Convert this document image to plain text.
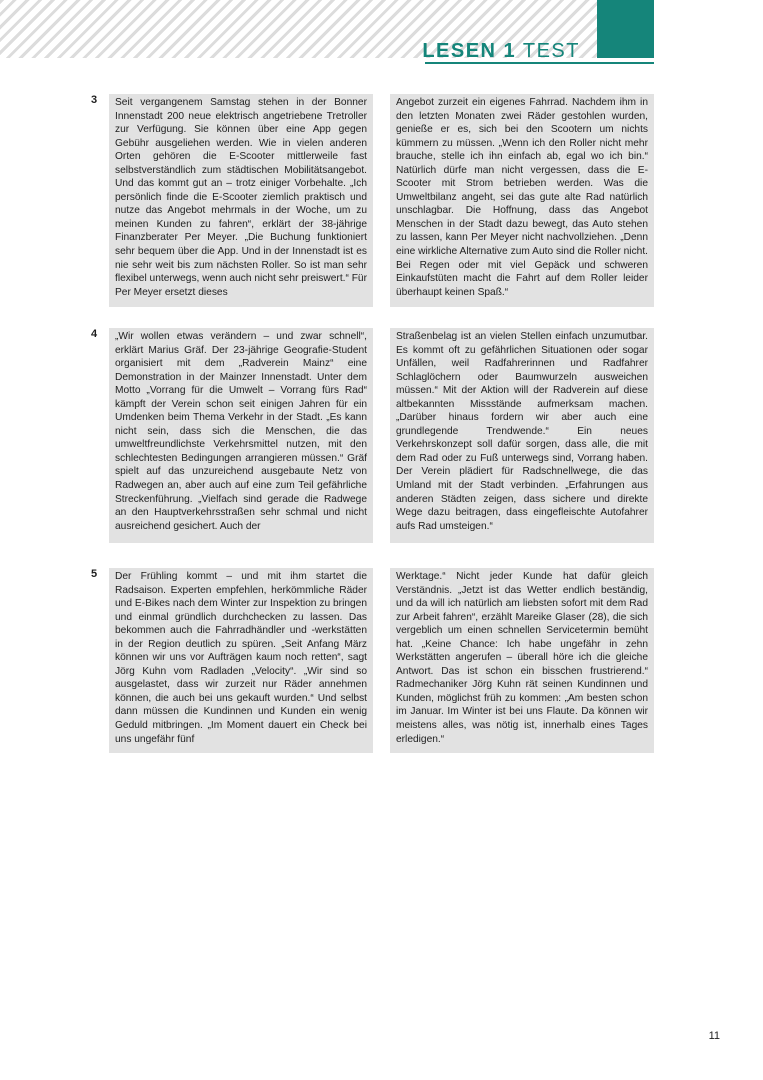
LESEN 1 TEST
3	Seit vergangenem Samstag stehen in der Bonner Innenstadt 200 neue elektrisch angetriebene Tretroller zur Verfügung. Sie können über eine App gegen Gebühr ausgeliehen werden. Wie in vielen anderen Orten gehören die E-Scooter mittlerweile fast selbstverständlich zum städtischen Mobilitätsangebot. Und das kommt gut an – trotz einiger Vorbehalte. „Ich persönlich finde die E-Scooter ziemlich praktisch und nutze das Angebot mehrmals in der Woche, um zu meinen Kunden zu fahren“, erklärt der 38-jährige Finanzberater Per Meyer. „Die Buchung funktioniert sehr bequem über die App. Und in der Innenstadt ist es nie sehr weit bis zum nächsten Roller. So ist man sehr flexibel unterwegs, wenn auch nicht sehr preiswert.“ Für Per Meyer ersetzt dieses
Angebot zurzeit ein eigenes Fahrrad. Nachdem ihm in den letzten Monaten zwei Räder gestohlen wurden, genieße er es, sich bei den Scootern um nichts kümmern zu müssen. „Wenn ich den Roller nicht mehr brauche, stelle ich ihn einfach ab, egal wo ich bin.“ Natürlich dürfe man nicht vergessen, dass die E-Scooter mit Strom betrieben werden. Was die Umweltbilanz angeht, sei das gute alte Rad natürlich unschlagbar. Die Hoffnung, dass das Angebot Menschen in der Stadt dazu bewegt, das Auto stehen zu lassen, kann Per Meyer nicht nachvollziehen. „Denn eine wirkliche Alternative zum Auto sind die Roller nicht. Bei Regen oder mit viel Gepäck und schweren Einkaufstüten macht die Fahrt auf dem Roller leider überhaupt keinen Spaß.“
4	„Wir wollen etwas verändern – und zwar schnell“, erklärt Marius Gräf. Der 23-jährige Geografie-Student organisiert mit dem „Radverein Mainz“ eine Demonstration in der Mainzer Innenstadt. Unter dem Motto „Vorrang für die Umwelt – Vorrang fürs Rad“ kämpft der Verein schon seit einigen Jahren für ein Umdenken beim Thema Verkehr in der Stadt. „Es kann nicht sein, dass sich die Menschen, die das umweltfreundlichste Verkehrsmittel nutzen, mit den schlechtesten Bedingungen arrangieren müssen.“ Gräf spielt auf das unzureichend ausgebaute Netz von Radwegen an, aber auch auf eine zum Teil gefährliche Streckenführung. „Vielfach sind gerade die Radwege an den Hauptverkehrsstraßen sehr schmal und nicht ausreichend gesichert. Auch der
Straßenbelag ist an vielen Stellen einfach unzumutbar. Es kommt oft zu gefährlichen Situationen oder sogar Unfällen, weil Radfahrerinnen und Radfahrer Schlaglöchern oder Baumwurzeln ausweichen müssen.“ Mit der Aktion will der Radverein auf diese altbekannten Missstände aufmerksam machen. „Darüber hinaus fordern wir aber auch eine grundlegende Trendwende.“ Ein neues Verkehrskonzept soll dafür sorgen, dass alle, die mit dem Rad oder zu Fuß unterwegs sind, Vorrang haben. Der Verein plädiert für Radschnellwege, die das Umland mit der Stadt verbinden. „Erfahrungen aus anderen Städten zeigen, dass sichere und direkte Wege dazu beitragen, dass eingefleischte Autofahrer aufs Rad umsteigen.“
5	Der Frühling kommt – und mit ihm startet die Radsaison. Experten empfehlen, herkömmliche Räder und E-Bikes nach dem Winter zur Inspektion zu bringen und einmal gründlich durchchecken zu lassen. Das bekommen auch die Fahrradhändler und -werkstätten in der Region deutlich zu spüren. „Seit Anfang März können wir uns vor Aufträgen kaum noch retten“, sagt Jörg Kuhn vom Radladen „Velocity“. „Wir sind so ausgelastet, dass wir zurzeit nur Räder annehmen können, die auch bei uns gekauft wurden.“ Und selbst dann müssen die Kundinnen und Kunden ein wenig Geduld mitbringen. „Im Moment dauert ein Check bei uns ungefähr fünf
Werktage.“ Nicht jeder Kunde hat dafür gleich Verständnis. „Jetzt ist das Wetter endlich beständig, und da will ich natürlich am liebsten sofort mit dem Rad zur Arbeit fahren“, erzählt Mareike Glaser (28), die sich vergeblich um einen schnellen Servicetermin bemüht hat. „Keine Chance: Ich habe ungefähr in zehn Werkstätten angerufen – überall höre ich die gleiche Antwort. Das ist schon ein bisschen frustrierend.“ Radmechaniker Jörg Kuhn rät seinen Kundinnen und Kunden, möglichst früh zu kommen: „Am besten schon im Januar. Im Winter ist bei uns Flaute. Da können wir meistens alles, was nötig ist, innerhalb eines Tages erledigen.“
11
